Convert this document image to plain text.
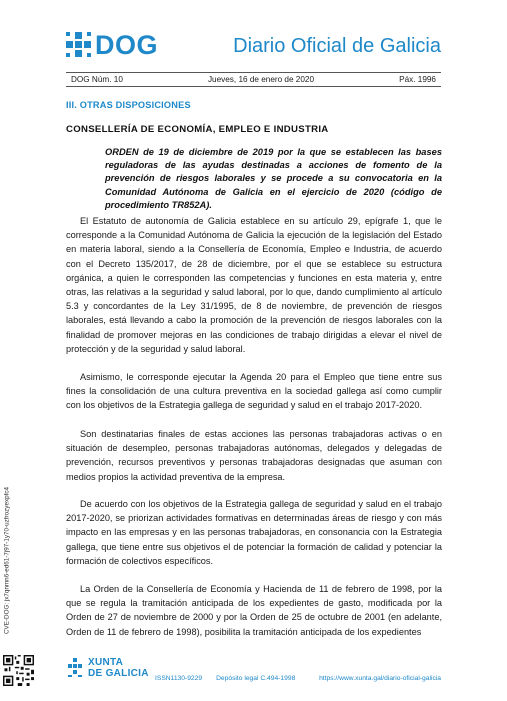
DOG	Diario Oficial de Galicia
DOG Núm. 10	Jueves, 16 de enero de 2020	Páx. 1996
III. OTRAS DISPOSICIONES
CONSELLERÍA DE ECONOMÍA, EMPLEO E INDUSTRIA
ORDEN de 19 de diciembre de 2019 por la que se establecen las bases reguladoras de las ayudas destinadas a acciones de fomento de la prevención de riesgos laborales y se procede a su convocatoria en la Comunidad Autónoma de Galicia en el ejercicio de 2020 (código de procedimiento TR852A).
El Estatuto de autonomía de Galicia establece en su artículo 29, epígrafe 1, que le corresponde a la Comunidad Autónoma de Galicia la ejecución de la legislación del Estado en materia laboral, siendo a la Consellería de Economía, Empleo e Industria, de acuerdo con el Decreto 135/2017, de 28 de diciembre, por el que se establece su estructura orgánica, a quien le corresponden las competencias y funciones en esta materia y, entre otras, las relativas a la seguridad y salud laboral, por lo que, dando cumplimiento al artículo 5.3 y concordantes de la Ley 31/1995, de 8 de noviembre, de prevención de riesgos laborales, está llevando a cabo la promoción de la prevención de riesgos laborales con la finalidad de promover mejoras en las condiciones de trabajo dirigidas a elevar el nivel de protección y de la seguridad y salud laboral.
Asimismo, le corresponde ejecutar la Agenda 20 para el Empleo que tiene entre sus fines la consolidación de una cultura preventiva en la sociedad gallega así como cumplir con los objetivos de la Estrategia gallega de seguridad y salud en el trabajo 2017-2020.
Son destinatarias finales de estas acciones las personas trabajadoras activas o en situación de desempleo, personas trabajadoras autónomas, delegados y delegadas de prevención, recursos preventivos y personas trabajadoras designadas que asuman con medios propios la actividad preventiva de la empresa.
De acuerdo con los objetivos de la Estrategia gallega de seguridad y salud en el trabajo 2017-2020, se priorizan actividades formativas en determinadas áreas de riesgo y con más impacto en las empresas y en las personas trabajadoras, en consonancia con la Estrategia gallega, que tiene entre sus objetivos el de potenciar la formación de calidad y potenciar la formación de colectivos específicos.
La Orden de la Consellería de Economía y Hacienda de 11 de febrero de 1998, por la que se regula la tramitación anticipada de los expedientes de gasto, modificada por la Orden de 27 de noviembre de 2000 y por la Orden de 25 de octubre de 2001 (en adelante, Orden de 11 de febrero de 1998), posibilita la tramitación anticipada de los expedientes
CVE-DOG: jx7qnmn6-ed61-7j97-1y70-uzfrozyexpfc4
XUNTA
DE GALICIA ISSN1130-9229 Depósito legal C.494-1998	https://www.xunta.gal/diario-oficial-galicia
